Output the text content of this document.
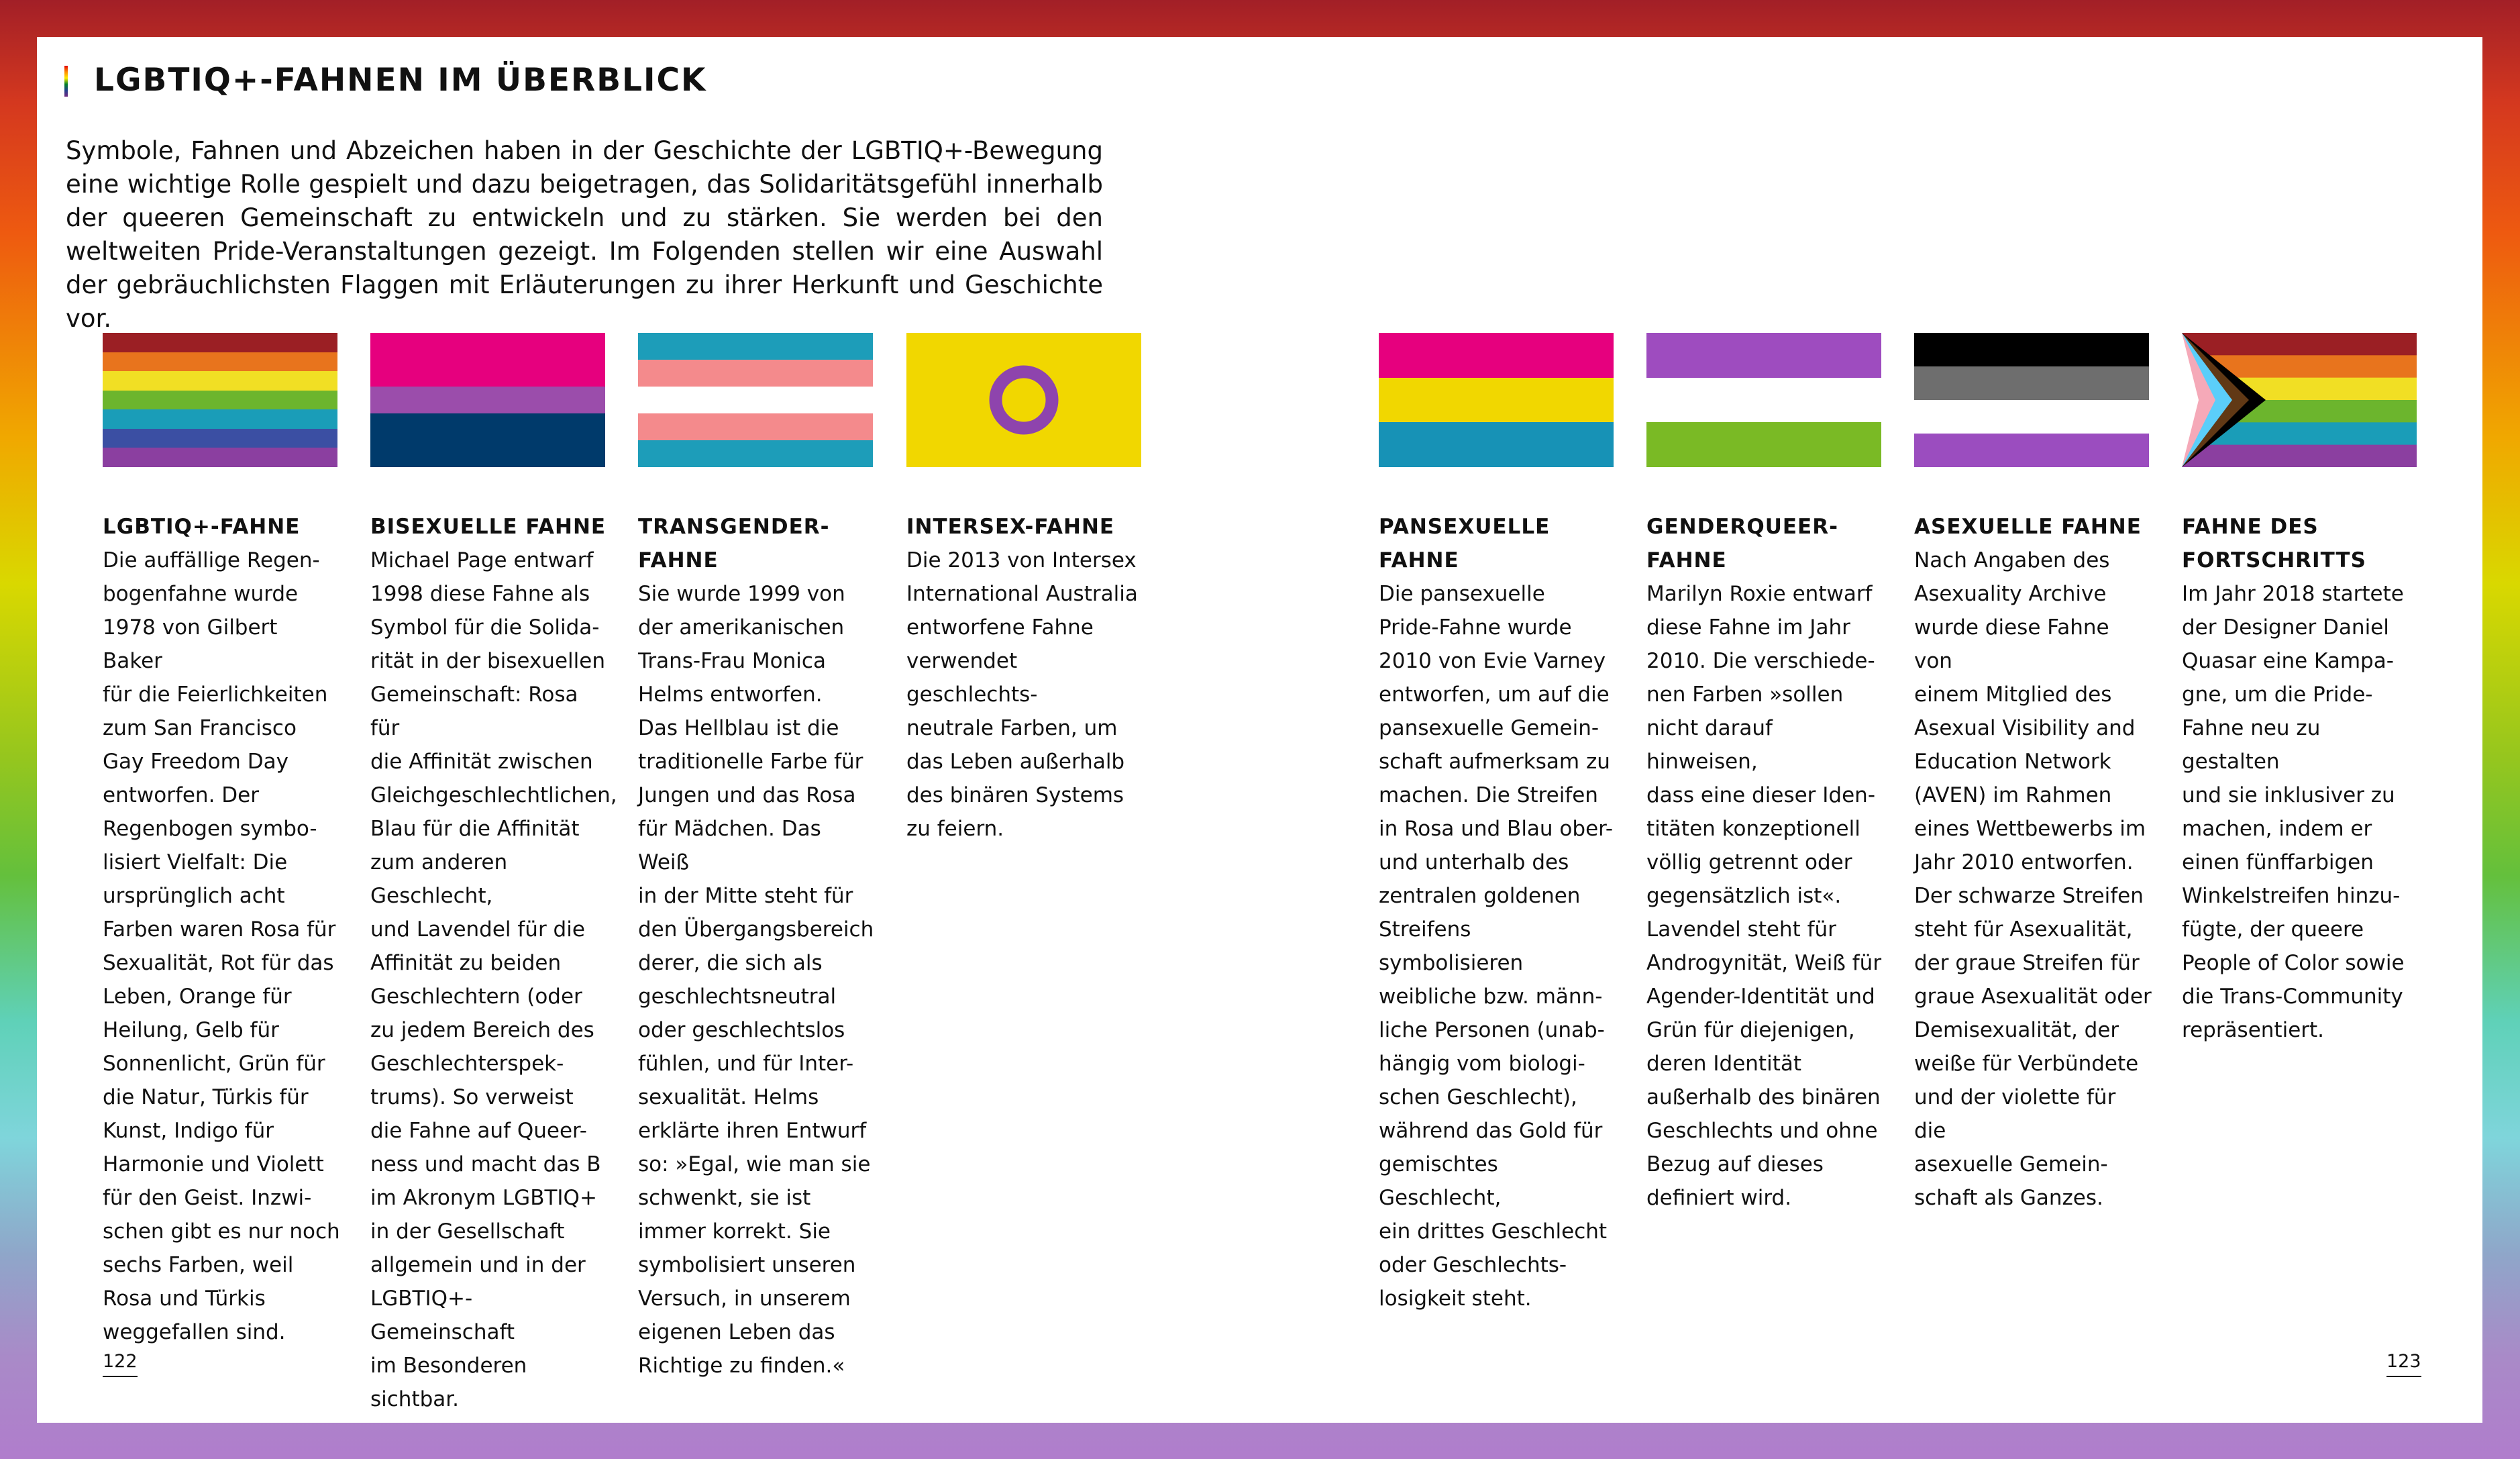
LGBTIQ+-FAHNEN IM ÜBERBLICK

Symbole, Fahnen und Abzeichen haben in der Geschichte der LGBTIQ+-Bewegung eine wichtige Rolle gespielt und dazu beigetragen, das Solidaritätsgefühl innerhalb der queeren Gemeinschaft zu entwickeln und zu stärken. Sie werden bei den weltweiten Pride-Veranstaltungen gezeigt. Im Folgenden stellen wir eine Auswahl der gebräuchlichsten Flaggen mit Erläuterungen zu ihrer Herkunft und Geschichte vor.

LGBTIQ+-FAHNE
Die auffällige Regen-
bogenfahne wurde
1978 von Gilbert Baker
für die Feierlichkeiten
zum San Francisco
Gay Freedom Day
entworfen. Der
Regenbogen symbo-
lisiert Vielfalt: Die
ursprünglich acht
Farben waren Rosa für
Sexualität, Rot für das
Leben, Orange für
Heilung, Gelb für
Sonnenlicht, Grün für
die Natur, Türkis für
Kunst, Indigo für
Harmonie und Violett
für den Geist. Inzwi-
schen gibt es nur noch
sechs Farben, weil
Rosa und Türkis
weggefallen sind.
BISEXUELLE FAHNE
Michael Page entwarf
1998 diese Fahne als
Symbol für die Solida-
rität in der bisexuellen
Gemeinschaft: Rosa für
die Affinität zwischen
Gleichgeschlechtlichen,
Blau für die Affinität
zum anderen Geschlecht,
und Lavendel für die
Affinität zu beiden
Geschlechtern (oder
zu jedem Bereich des
Geschlechterspek-
trums). So verweist
die Fahne auf Queer-
ness und macht das B
im Akronym LGBTIQ+
in der Gesellschaft
allgemein und in der
LGBTIQ+-Gemeinschaft
im Besonderen
sichtbar.
TRANSGENDER-FAHNE
Sie wurde 1999 von
der amerikanischen
Trans-Frau Monica
Helms entworfen.
Das Hellblau ist die
traditionelle Farbe für
Jungen und das Rosa
für Mädchen. Das Weiß
in der Mitte steht für
den Übergangsbereich
derer, die sich als
geschlechtsneutral
oder geschlechtslos
fühlen, und für Inter-
sexualität. Helms
erklärte ihren Entwurf
so: »Egal, wie man sie
schwenkt, sie ist
immer korrekt. Sie
symbolisiert unseren
Versuch, in unserem
eigenen Leben das
Richtige zu finden.«
INTERSEX-FAHNE
Die 2013 von Intersex
International Australia
entworfene Fahne
verwendet geschlechts-
neutrale Farben, um
das Leben außerhalb
des binären Systems
zu feiern.
PANSEXUELLE FAHNE
Die pansexuelle
Pride-Fahne wurde
2010 von Evie Varney
entworfen, um auf die
pansexuelle Gemein-
schaft aufmerksam zu
machen. Die Streifen
in Rosa und Blau ober-
und unterhalb des
zentralen goldenen
Streifens symbolisieren
weibliche bzw. männ-
liche Personen (unab-
hängig vom biologi-
schen Geschlecht),
während das Gold für
gemischtes Geschlecht,
ein drittes Geschlecht
oder Geschlechts-
losigkeit steht.
GENDERQUEER-
FAHNE
Marilyn Roxie entwarf
diese Fahne im Jahr
2010. Die verschiede-
nen Farben »sollen
nicht darauf hinweisen,
dass eine dieser Iden-
titäten konzeptionell
völlig getrennt oder
gegensätzlich ist«.
Lavendel steht für
Androgynität, Weiß für
Agender-Identität und
Grün für diejenigen,
deren Identität
außerhalb des binären
Geschlechts und ohne
Bezug auf dieses
definiert wird.
ASEXUELLE FAHNE
Nach Angaben des
Asexuality Archive
wurde diese Fahne von
einem Mitglied des
Asexual Visibility and
Education Network
(AVEN) im Rahmen
eines Wettbewerbs im
Jahr 2010 entworfen.
Der schwarze Streifen
steht für Asexualität,
der graue Streifen für
graue Asexualität oder
Demisexualität, der
weiße für Verbündete
und der violette für die
asexuelle Gemein-
schaft als Ganzes.
FAHNE DES
FORTSCHRITTS
Im Jahr 2018 startete
der Designer Daniel
Quasar eine Kampa-
gne, um die Pride-
Fahne neu zu gestalten
und sie inklusiver zu
machen, indem er
einen fünffarbigen
Winkelstreifen hinzu-
fügte, der queere
People of Color sowie
die Trans-Community
repräsentiert.
122	123
